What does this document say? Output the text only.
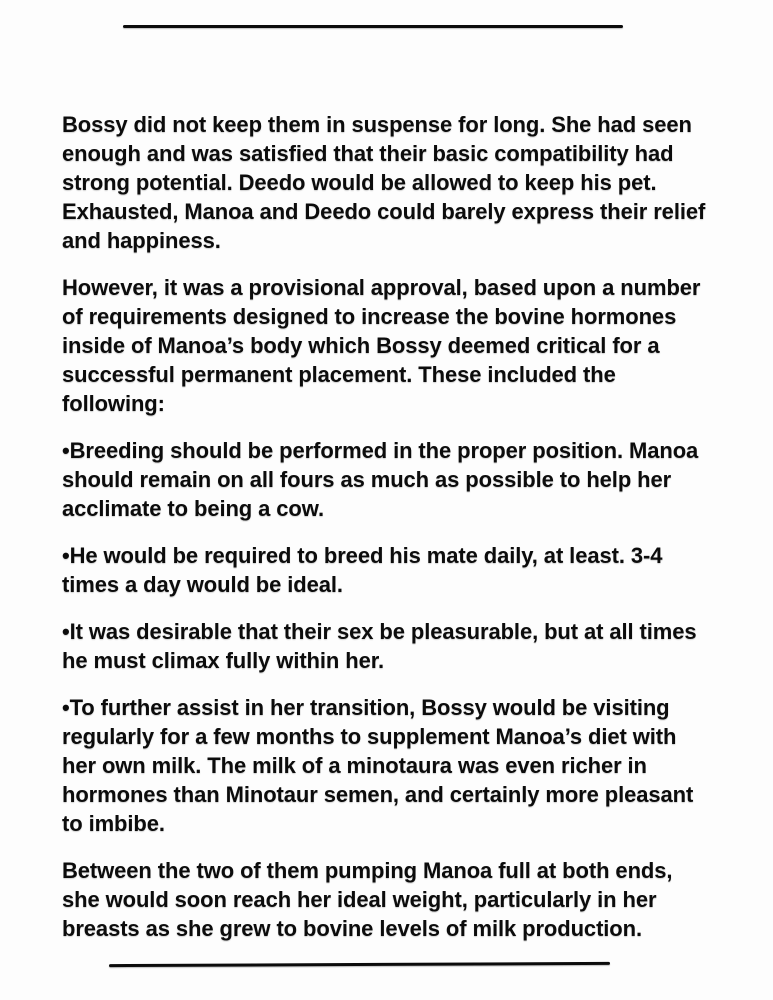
Bossy did not keep them in suspense for long. She had seen enough and was satisfied that their basic compatibility had strong potential. Deedo would be allowed to keep his pet. Exhausted, Manoa and Deedo could barely express their relief and happiness.

However, it was a provisional approval, based upon a number of requirements designed to increase the bovine hormones inside of Manoa’s body which Bossy deemed critical for a successful permanent placement. These included the following:

•Breeding should be performed in the proper position. Manoa should remain on all fours as much as possible to help her acclimate to being a cow.

•He would be required to breed his mate daily, at least. 3-4 times a day would be ideal.

•It was desirable that their sex be pleasurable, but at all times he must climax fully within her.

•To further assist in her transition, Bossy would be visiting regularly for a few months to supplement Manoa’s diet with her own milk. The milk of a minotaura was even richer in hormones than Minotaur semen, and certainly more pleasant to imbibe.

Between the two of them pumping Manoa full at both ends, she would soon reach her ideal weight, particularly in her breasts as she grew to bovine levels of milk production.
